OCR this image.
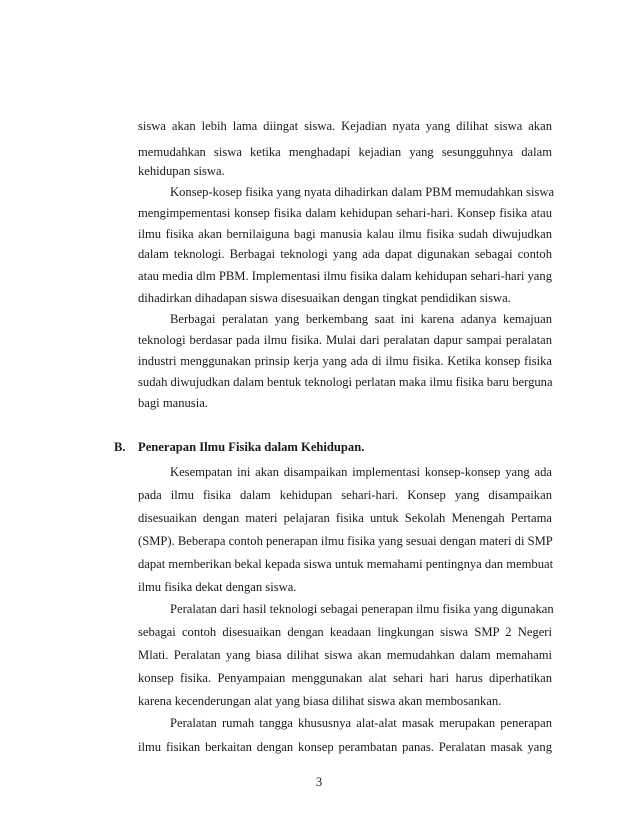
siswa akan lebih lama diingat siswa. Kejadian nyata yang dilihat siswa akan
memudahkan siswa ketika menghadapi kejadian yang sesungguhnya dalam
kehidupan siswa.
Konsep-kosep fisika yang nyata dihadirkan dalam PBM memudahkan siswa
mengimpementasi konsep fisika dalam kehidupan sehari-hari. Konsep fisika atau
ilmu fisika akan bernilaiguna bagi manusia kalau ilmu fisika sudah diwujudkan
dalam teknologi. Berbagai teknologi yang ada dapat digunakan sebagai contoh
atau media dlm PBM. Implementasi ilmu fisika dalam kehidupan sehari-hari yang
dihadirkan dihadapan siswa disesuaikan dengan tingkat pendidikan siswa.
Berbagai peralatan yang berkembang saat ini karena adanya kemajuan
teknologi berdasar pada ilmu fisika. Mulai dari peralatan dapur sampai peralatan
industri menggunakan prinsip kerja yang ada di ilmu fisika. Ketika konsep fisika
sudah diwujudkan dalam bentuk teknologi perlatan maka ilmu fisika baru berguna
bagi manusia.
B. Penerapan Ilmu Fisika dalam Kehidupan.
Kesempatan ini akan disampaikan implementasi konsep-konsep yang ada
pada ilmu fisika dalam kehidupan sehari-hari. Konsep yang disampaikan
disesuaikan dengan materi pelajaran fisika untuk Sekolah Menengah Pertama
(SMP). Beberapa contoh penerapan ilmu fisika yang sesuai dengan materi di SMP
dapat memberikan bekal kepada siswa untuk memahami pentingnya dan membuat
ilmu fisika dekat dengan siswa.
Peralatan dari hasil teknologi sebagai penerapan ilmu fisika yang digunakan
sebagai contoh disesuaikan dengan keadaan lingkungan siswa SMP 2 Negeri
Mlati. Peralatan yang biasa dilihat siswa akan memudahkan dalam memahami
konsep fisika. Penyampaian menggunakan alat sehari hari harus diperhatikan
karena kecenderungan alat yang biasa dilihat siswa akan membosankan.
Peralatan rumah tangga khususnya alat-alat masak merupakan penerapan
ilmu fisikan berkaitan dengan konsep perambatan panas. Peralatan masak yang
3
